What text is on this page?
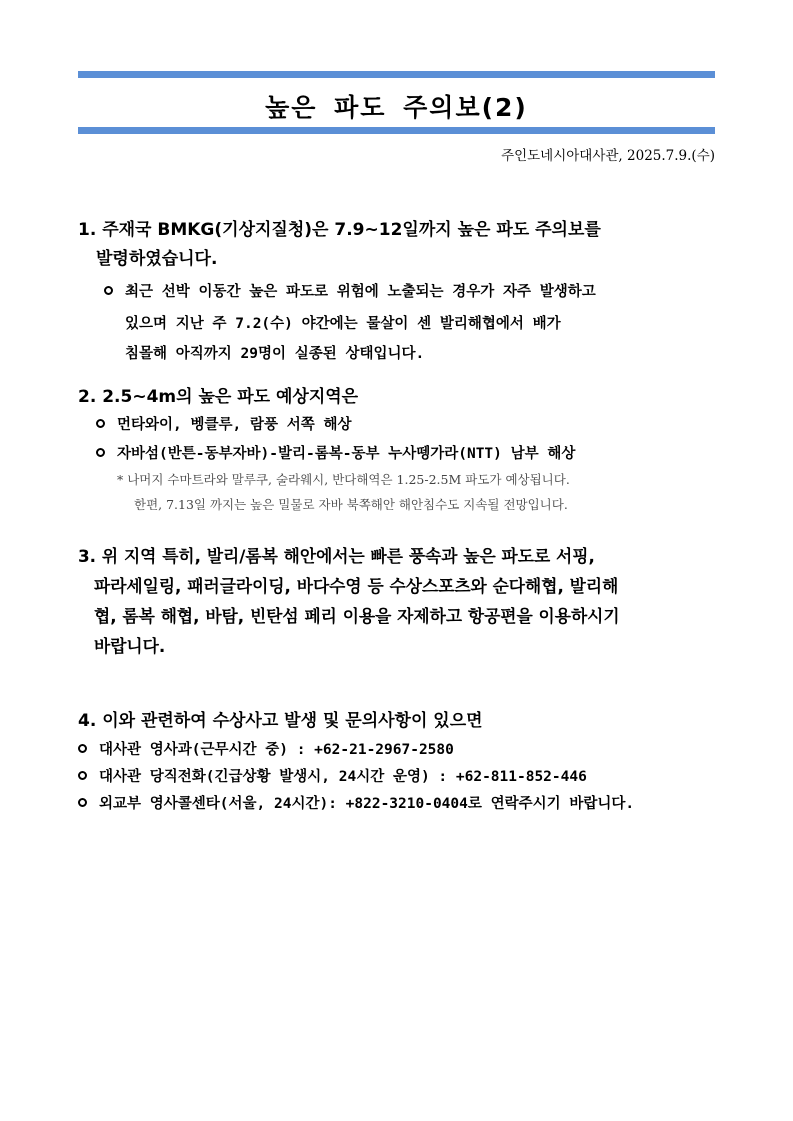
높은 파도 주의보(2)
주인도네시아대사관, 2025.7.9.(수)
1. 주재국 BMKG(기상지질청)은 7.9~12일까지 높은 파도 주의보를
발령하였습니다.
최근 선박 이동간 높은 파도로 위험에 노출되는 경우가 자주 발생하고
있으며 지난 주 7.2(수) 야간에는 물살이 센 발리해협에서 배가
침몰해 아직까지 29명이 실종된 상태입니다.
2. 2.5~4m의 높은 파도 예상지역은
먼타와이, 벵클루, 람풍 서쪽 해상
자바섬(반튼-동부자바)-발리-롬복-동부 누사뗑가라(NTT) 남부 해상
* 나머지 수마트라와 말루쿠, 술라웨시, 반다해역은 1.25-2.5M 파도가 예상됩니다.
한편, 7.13일 까지는 높은 밀물로 자바 북쪽해안 해안침수도 지속될 전망입니다.
3. 위 지역 특히, 발리/롬복 해안에서는 빠른 풍속과 높은 파도로 서핑,
파라세일링, 패러글라이딩, 바다수영 등 수상스포츠와 순다해협, 발리해
협, 롬복 해협, 바탐, 빈탄섬 페리 이용을 자제하고 항공편을 이용하시기
바랍니다.
4. 이와 관련하여 수상사고 발생 및 문의사항이 있으면
대사관 영사과(근무시간 중) : +62-21-2967-2580
대사관 당직전화(긴급상황 발생시, 24시간 운영) : +62-811-852-446
외교부 영사콜센타(서울, 24시간): +822-3210-0404로 연락주시기 바랍니다.
